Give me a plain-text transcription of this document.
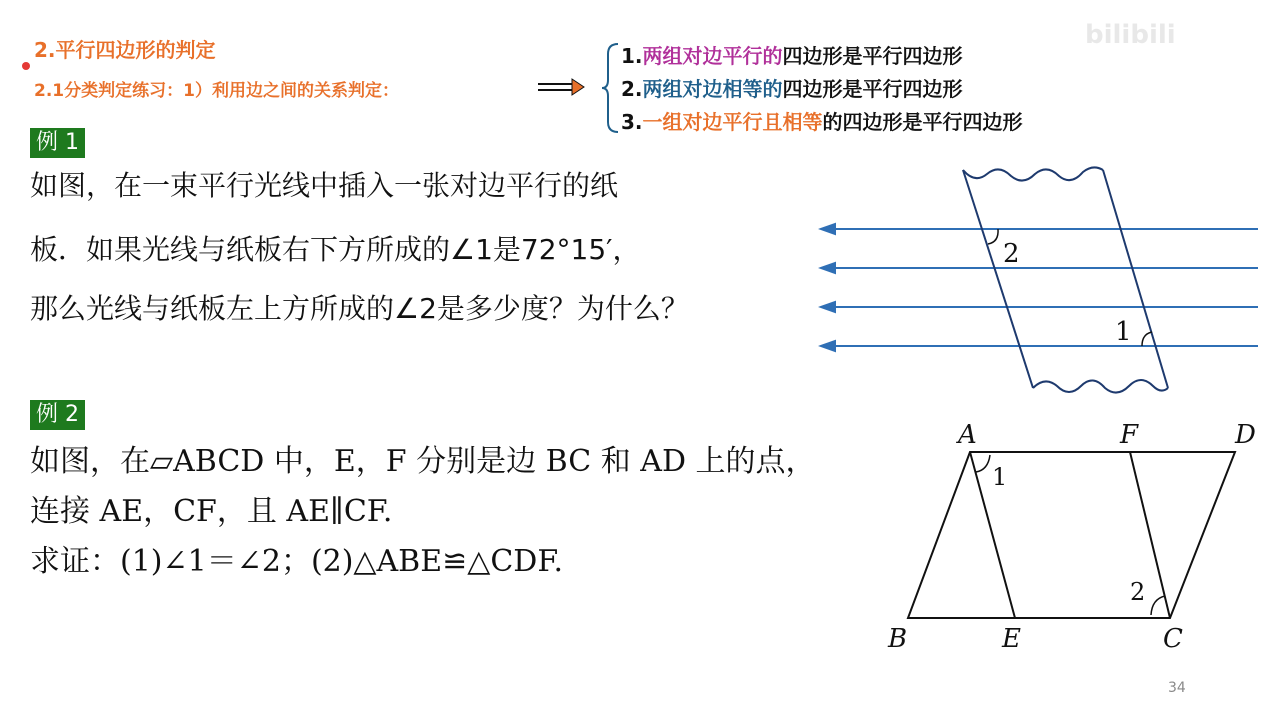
2.平行四边形的判定
2.1分类判定练习：1）利用边之间的关系判定：
1.两组对边平行的四边形是平行四边形
2.两组对边相等的四边形是平行四边形
3.一组对边平行且相等的四边形是平行四边形
bilibili
例 1
如图，在一束平行光线中插入一张对边平行的纸
板．如果光线与纸板右下方所成的∠1是72°15′，
那么光线与纸板左上方所成的∠2是多少度？为什么？
2
1
例 2
如图，在▱ABCD 中，E，F 分别是边 BC 和 AD 上的点，
连接 AE，CF，且 AE∥CF.
求证：(1)∠1＝∠2；(2)△ABE≌△CDF.
A	F	D
B	E	C
1
2
34
